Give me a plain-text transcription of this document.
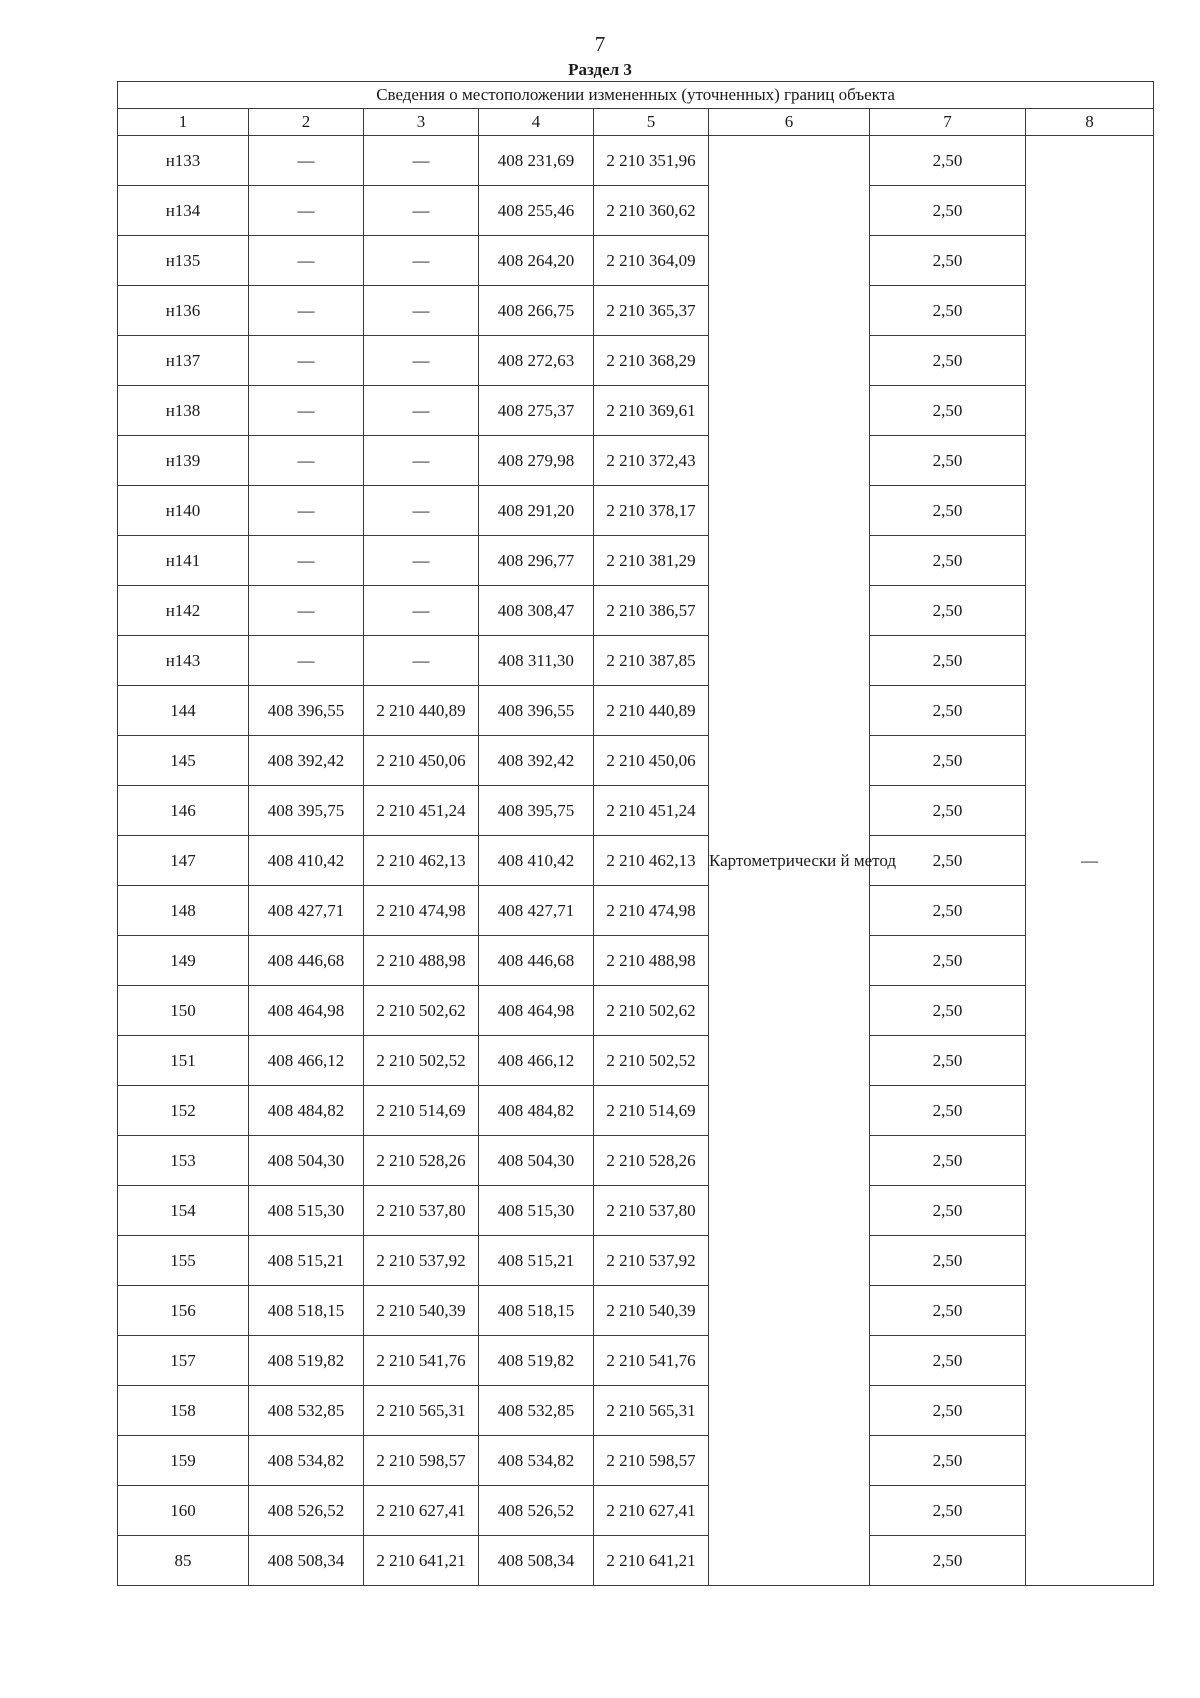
7
Раздел 3
Сведения о местоположении измененных (уточненных) границ объекта							
1	2	3	4	5	6	7	8
н133	—	—	408 231,69	2 210 351,96	Картометрически й метод	2,50	—
н134	—	—	408 255,46	2 210 360,62		2,50	
н135	—	—	408 264,20	2 210 364,09		2,50	
н136	—	—	408 266,75	2 210 365,37		2,50	
н137	—	—	408 272,63	2 210 368,29		2,50	
н138	—	—	408 275,37	2 210 369,61		2,50	
н139	—	—	408 279,98	2 210 372,43		2,50	
н140	—	—	408 291,20	2 210 378,17		2,50	
н141	—	—	408 296,77	2 210 381,29		2,50	
н142	—	—	408 308,47	2 210 386,57		2,50	
н143	—	—	408 311,30	2 210 387,85		2,50	
144	408 396,55	2 210 440,89	408 396,55	2 210 440,89		2,50	
145	408 392,42	2 210 450,06	408 392,42	2 210 450,06		2,50	
146	408 395,75	2 210 451,24	408 395,75	2 210 451,24		2,50	
147	408 410,42	2 210 462,13	408 410,42	2 210 462,13		2,50	
148	408 427,71	2 210 474,98	408 427,71	2 210 474,98		2,50	
149	408 446,68	2 210 488,98	408 446,68	2 210 488,98		2,50	
150	408 464,98	2 210 502,62	408 464,98	2 210 502,62		2,50	
151	408 466,12	2 210 502,52	408 466,12	2 210 502,52		2,50	
152	408 484,82	2 210 514,69	408 484,82	2 210 514,69		2,50	
153	408 504,30	2 210 528,26	408 504,30	2 210 528,26		2,50	
154	408 515,30	2 210 537,80	408 515,30	2 210 537,80		2,50	
155	408 515,21	2 210 537,92	408 515,21	2 210 537,92		2,50	
156	408 518,15	2 210 540,39	408 518,15	2 210 540,39		2,50	
157	408 519,82	2 210 541,76	408 519,82	2 210 541,76		2,50	
158	408 532,85	2 210 565,31	408 532,85	2 210 565,31		2,50	
159	408 534,82	2 210 598,57	408 534,82	2 210 598,57		2,50	
160	408 526,52	2 210 627,41	408 526,52	2 210 627,41		2,50	
85	408 508,34	2 210 641,21	408 508,34	2 210 641,21		2,50	
